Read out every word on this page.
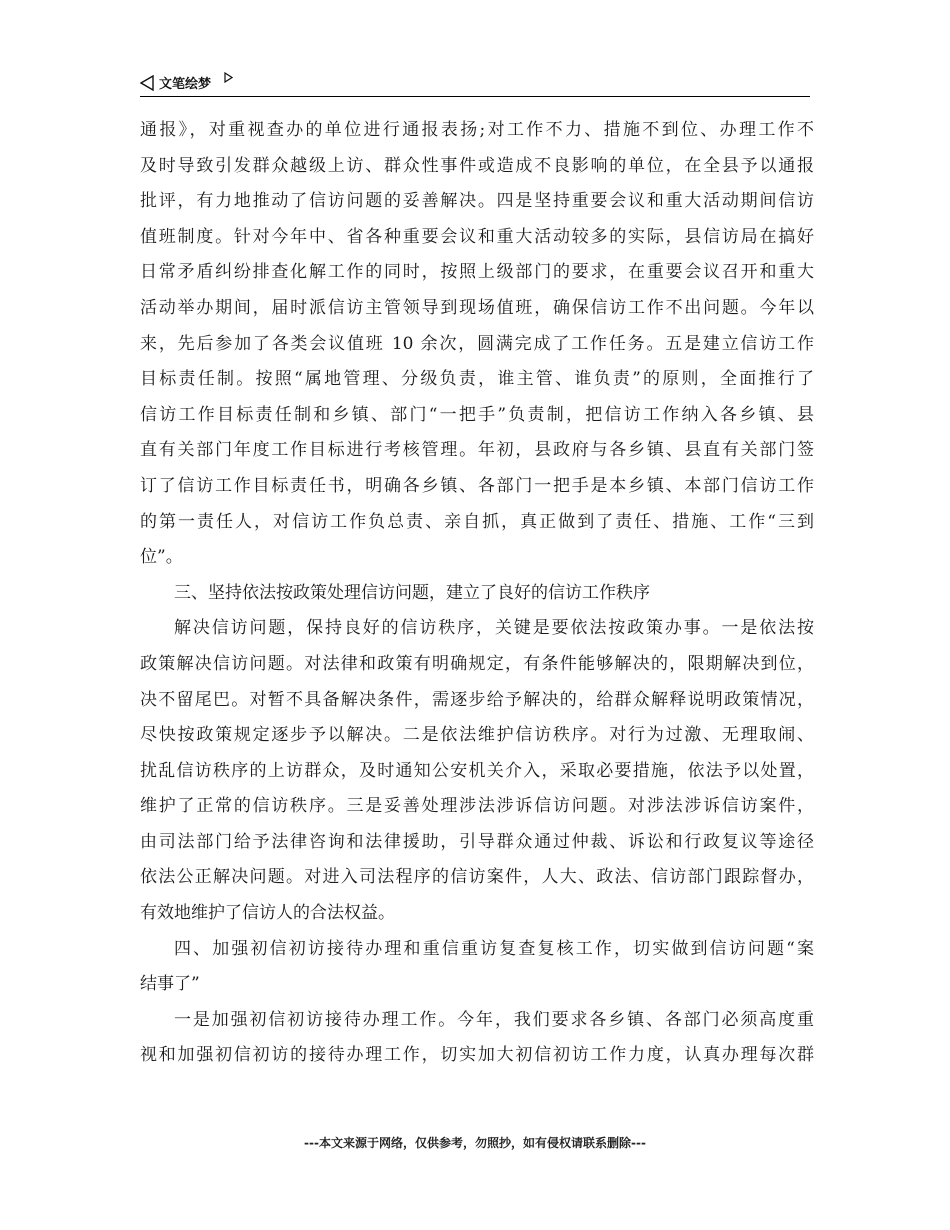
文笔绘梦
通报》，对重视查办的单位进行通报表扬;对工作不力、措施不到位、办理工作不
及时导致引发群众越级上访、群众性事件或造成不良影响的单位，在全县予以通报
批评，有力地推动了信访问题的妥善解决。四是坚持重要会议和重大活动期间信访
值班制度。针对今年中、省各种重要会议和重大活动较多的实际，县信访局在搞好
日常矛盾纠纷排查化解工作的同时，按照上级部门的要求，在重要会议召开和重大
活动举办期间，届时派信访主管领导到现场值班，确保信访工作不出问题。今年以
来，先后参加了各类会议值班 10 余次，圆满完成了工作任务。五是建立信访工作
目标责任制。按照“属地管理、分级负责，谁主管、谁负责”的原则，全面推行了
信访工作目标责任制和乡镇、部门“一把手”负责制，把信访工作纳入各乡镇、县
直有关部门年度工作目标进行考核管理。年初，县政府与各乡镇、县直有关部门签
订了信访工作目标责任书，明确各乡镇、各部门一把手是本乡镇、本部门信访工作
的第一责任人，对信访工作负总责、亲自抓，真正做到了责任、措施、工作“三到
位”。
三、坚持依法按政策处理信访问题，建立了良好的信访工作秩序
解决信访问题，保持良好的信访秩序，关键是要依法按政策办事。一是依法按
政策解决信访问题。对法律和政策有明确规定，有条件能够解决的，限期解决到位，
决不留尾巴。对暂不具备解决条件，需逐步给予解决的，给群众解释说明政策情况，
尽快按政策规定逐步予以解决。二是依法维护信访秩序。对行为过激、无理取闹、
扰乱信访秩序的上访群众，及时通知公安机关介入，采取必要措施，依法予以处置，
维护了正常的信访秩序。三是妥善处理涉法涉诉信访问题。对涉法涉诉信访案件，
由司法部门给予法律咨询和法律援助，引导群众通过仲裁、诉讼和行政复议等途径
依法公正解决问题。对进入司法程序的信访案件，人大、政法、信访部门跟踪督办，
有效地维护了信访人的合法权益。
四、加强初信初访接待办理和重信重访复查复核工作，切实做到信访问题“案
结事了”
一是加强初信初访接待办理工作。今年，我们要求各乡镇、各部门必须高度重
视和加强初信初访的接待办理工作，切实加大初信初访工作力度，认真办理每次群
---本文来源于网络，仅供参考，勿照抄，如有侵权请联系删除---
